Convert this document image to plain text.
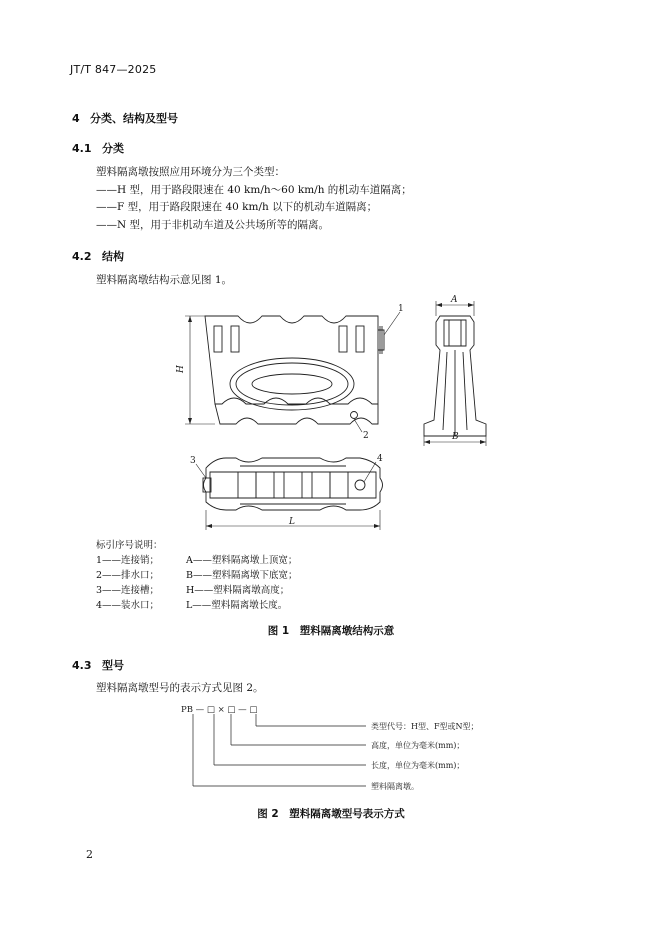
JT/T 847—2025
4 分类、结构及型号
4.1 分类
塑料隔离墩按照应用环境分为三个类型：
——H 型，用于路段限速在 40 km/h～60 km/h 的机动车道隔离；
——F 型，用于路段限速在 40 km/h 以下的机动车道隔离；
——N 型，用于非机动车道及公共场所等的隔离。
4.2 结构
塑料隔离墩结构示意见图 1。
H
1
2
A
B
3	4
L
PB — □ × □ — □
类型代号：H型、F型或N型；
高度，单位为毫米(mm)；
长度，单位为毫米(mm)；
塑料隔离墩。
标引序号说明：
1——连接销；	A——塑料隔离墩上顶宽；
2——排水口；	B——塑料隔离墩下底宽；
3——连接槽；	H——塑料隔离墩高度；
4——装水口；	L——塑料隔离墩长度。
图 1　塑料隔离墩结构示意
4.3 型号
塑料隔离墩型号的表示方式见图 2。
图 2　塑料隔离墩型号表示方式
2
